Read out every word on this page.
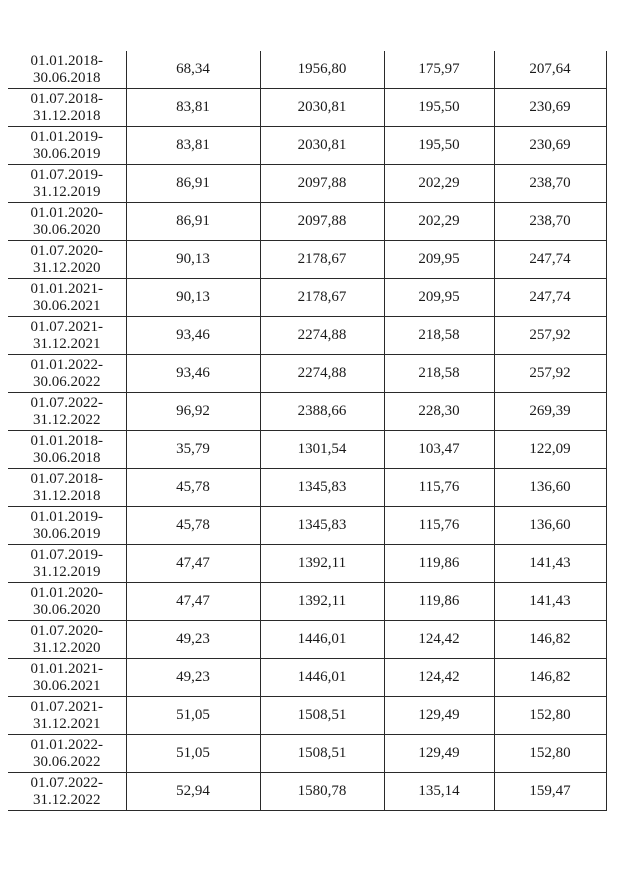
01.01.2018-
30.06.2018	68,34	1956,80	175,97	207,64

01.07.2018-
31.12.2018	83,81	2030,81	195,50	230,69

01.01.2019-
30.06.2019	83,81	2030,81	195,50	230,69

01.07.2019-
31.12.2019	86,91	2097,88	202,29	238,70

01.01.2020-
30.06.2020	86,91	2097,88	202,29	238,70

01.07.2020-
31.12.2020	90,13	2178,67	209,95	247,74

01.01.2021-
30.06.2021	90,13	2178,67	209,95	247,74

01.07.2021-
31.12.2021	93,46	2274,88	218,58	257,92

01.01.2022-
30.06.2022	93,46	2274,88	218,58	257,92

01.07.2022-
31.12.2022	96,92	2388,66	228,30	269,39

01.01.2018-
30.06.2018	35,79	1301,54	103,47	122,09

01.07.2018-
31.12.2018	45,78	1345,83	115,76	136,60

01.01.2019-
30.06.2019	45,78	1345,83	115,76	136,60

01.07.2019-
31.12.2019	47,47	1392,11	119,86	141,43

01.01.2020-
30.06.2020	47,47	1392,11	119,86	141,43

01.07.2020-
31.12.2020	49,23	1446,01	124,42	146,82

01.01.2021-
30.06.2021	49,23	1446,01	124,42	146,82

01.07.2021-
31.12.2021	51,05	1508,51	129,49	152,80

01.01.2022-
30.06.2022	51,05	1508,51	129,49	152,80

01.07.2022-
31.12.2022	52,94	1580,78	135,14	159,47
